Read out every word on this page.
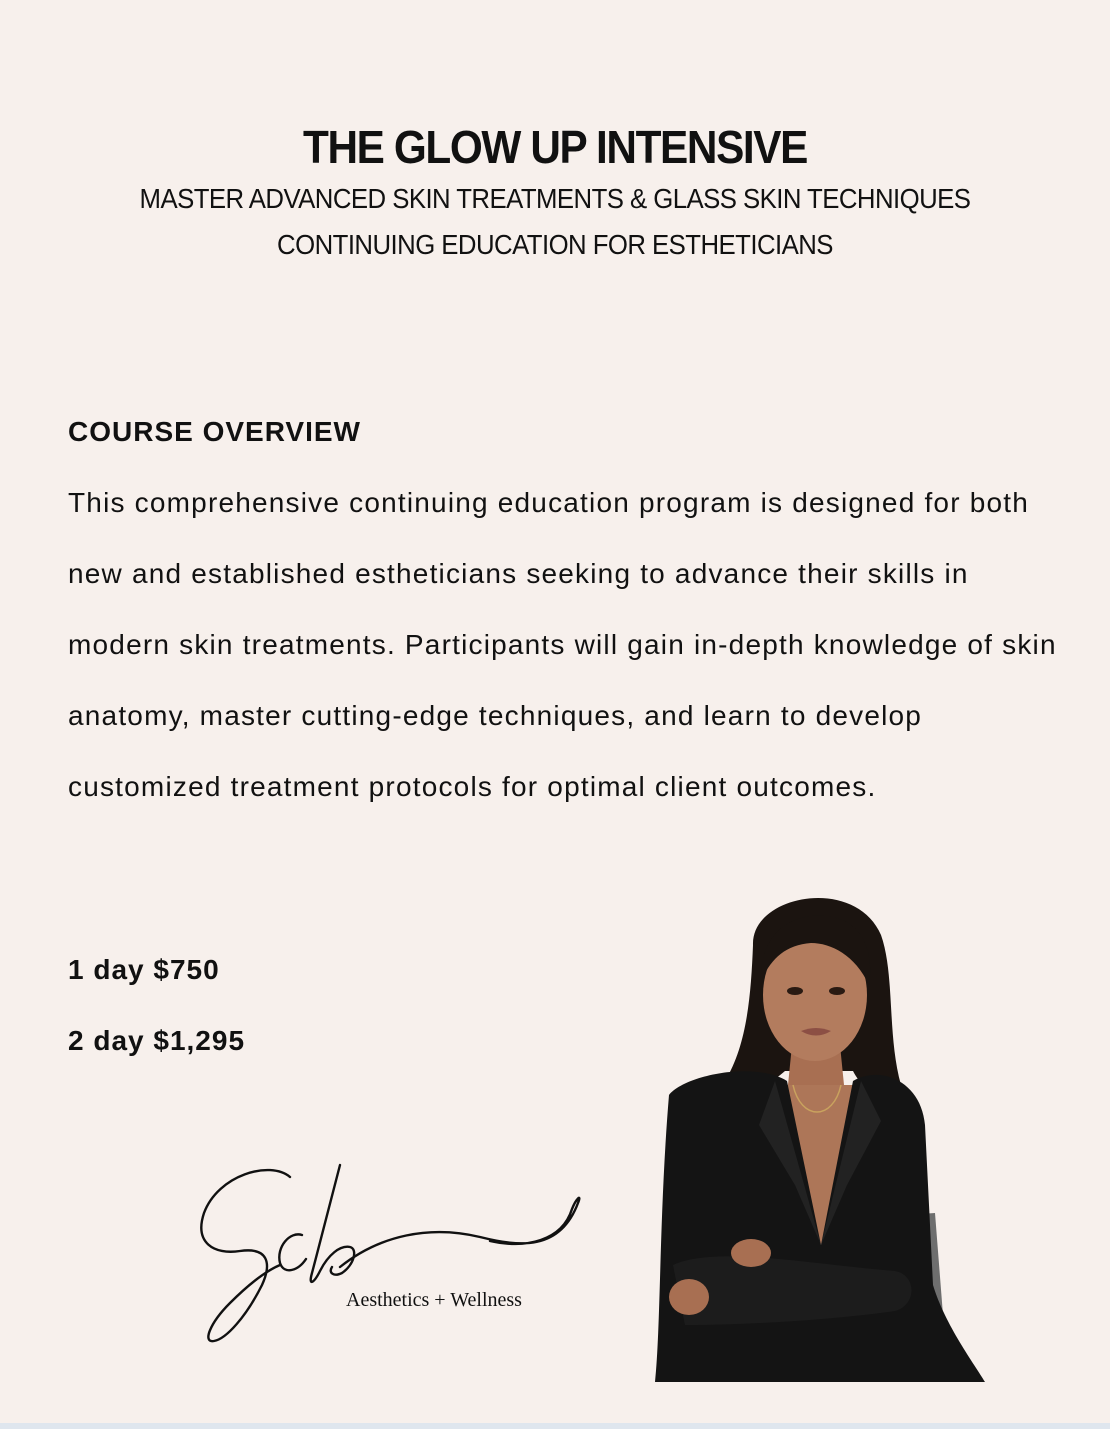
THE GLOW UP INTENSIVE

MASTER ADVANCED SKIN TREATMENTS & GLASS SKIN TECHNIQUES

CONTINUING EDUCATION FOR ESTHETICIANS

COURSE OVERVIEW

This comprehensive continuing education program is designed for both new and established estheticians seeking to advance their skills in modern skin treatments. Participants will gain in-depth knowledge of skin anatomy, master cutting-edge techniques, and learn to develop customized treatment protocols for optimal client outcomes.

1 day $750

2 day $1,295

Aesthetics + Wellness
